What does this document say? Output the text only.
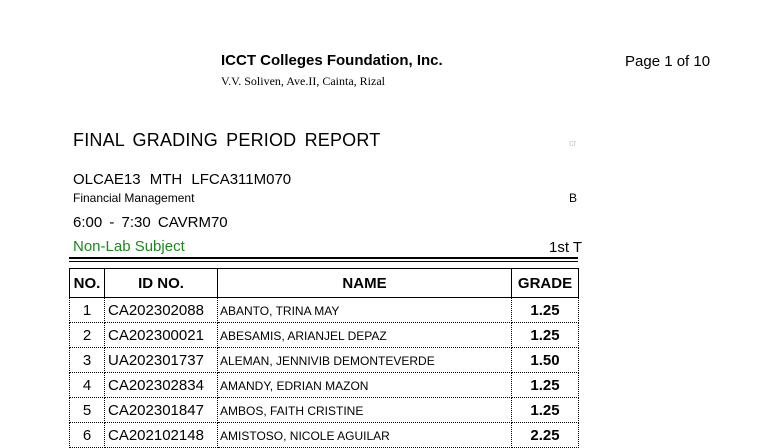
ICCT Colleges Foundation, Inc.
V.V. Soliven, Ave.II, Cainta, Rizal
Page 1 of 10
FINAL GRADING PERIOD REPORT	cr
OLCAE13 MTH LFCA311M070
Financial Management	B
6:00 - 7:30 CAVRM70
Non-Lab Subject	1st T
NO.	ID NO.	NAME	GRADE
1	CA202302088	ABANTO, TRINA MAY	1.25
2	CA202300021	ABESAMIS, ARIANJEL DEPAZ	1.25
3	UA202301737	ALEMAN, JENNIVIB DEMONTEVERDE	1.50
4	CA202302834	AMANDY, EDRIAN MAZON	1.25
5	CA202301847	AMBOS, FAITH CRISTINE	1.25
6	CA202102148	AMISTOSO, NICOLE AGUILAR	2.25
